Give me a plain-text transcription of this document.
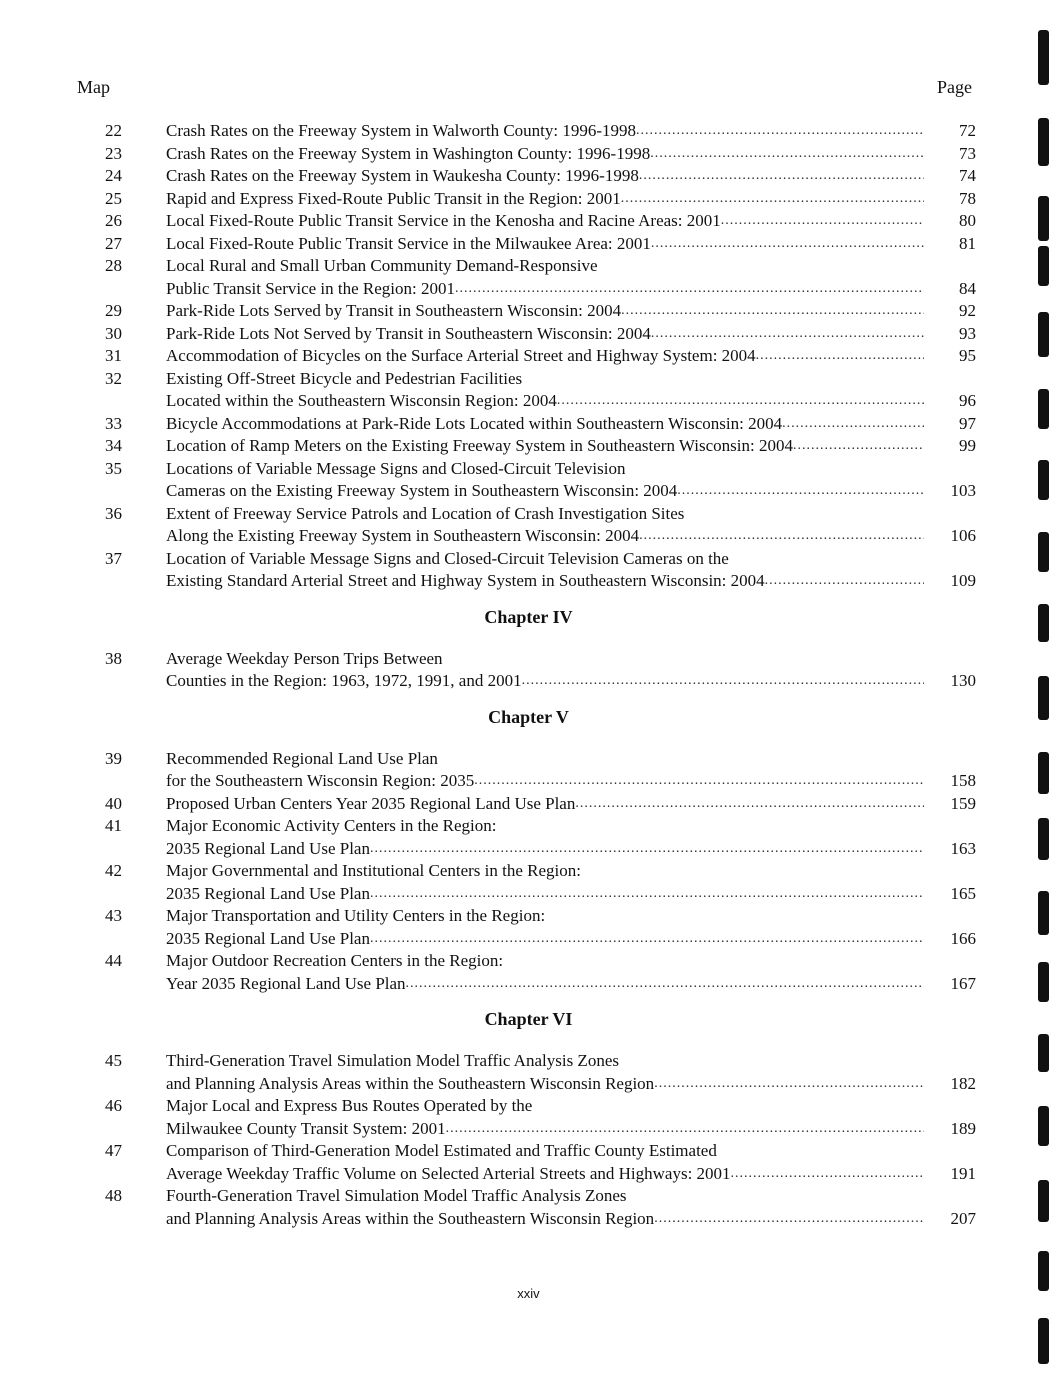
Map	Page
22	Crash Rates on the Freeway System in Walworth County: 1996-1998 .....	72
23	Crash Rates on the Freeway System in Washington County: 1996-1998 .....	73
24	Crash Rates on the Freeway System in Waukesha County: 1996-1998 .....	74
25	Rapid and Express Fixed-Route Public Transit in the Region: 2001 .....	78
26	Local Fixed-Route Public Transit Service in the Kenosha and Racine Areas: 2001 .....	80
27	Local Fixed-Route Public Transit Service in the Milwaukee Area: 2001 .....	81
28	Local Rural and Small Urban Community Demand-Responsive
Public Transit Service in the Region: 2001 .....	84
29	Park-Ride Lots Served by Transit in Southeastern Wisconsin: 2004 .....	92
30	Park-Ride Lots Not Served by Transit in Southeastern Wisconsin: 2004 .....	93
31	Accommodation of Bicycles on the Surface Arterial Street and Highway System: 2004 .....	95
32	Existing Off-Street Bicycle and Pedestrian Facilities
Located within the Southeastern Wisconsin Region: 2004 .....	96
33	Bicycle Accommodations at Park-Ride Lots Located within Southeastern Wisconsin: 2004 .....	97
34	Location of Ramp Meters on the Existing Freeway System in Southeastern Wisconsin: 2004 .....	99
35	Locations of Variable Message Signs and Closed-Circuit Television
Cameras on the Existing Freeway System in Southeastern Wisconsin: 2004 .....	103
36	Extent of Freeway Service Patrols and Location of Crash Investigation Sites
Along the Existing Freeway System in Southeastern Wisconsin: 2004 .....	106
37	Location of Variable Message Signs and Closed-Circuit Television Cameras on the
Existing Standard Arterial Street and Highway System in Southeastern Wisconsin: 2004 .....	109
Chapter IV
38	Average Weekday Person Trips Between
Counties in the Region: 1963, 1972, 1991, and 2001 .....	130
Chapter V
39	Recommended Regional Land Use Plan
for the Southeastern Wisconsin Region: 2035 .....	158
40	Proposed Urban Centers Year 2035 Regional Land Use Plan .....	159
41	Major Economic Activity Centers in the Region:
2035 Regional Land Use Plan .....	163
42	Major Governmental and Institutional Centers in the Region:
2035 Regional Land Use Plan .....	165
43	Major Transportation and Utility Centers in the Region:
2035 Regional Land Use Plan .....	166
44	Major Outdoor Recreation Centers in the Region:
Year 2035 Regional Land Use Plan .....	167
Chapter VI
45	Third-Generation Travel Simulation Model Traffic Analysis Zones
and Planning Analysis Areas within the Southeastern Wisconsin Region .....	182
46	Major Local and Express Bus Routes Operated by the
Milwaukee County Transit System: 2001 .....	189
47	Comparison of Third-Generation Model Estimated and Traffic County Estimated
Average Weekday Traffic Volume on Selected Arterial Streets and Highways: 2001 .....	191
48	Fourth-Generation Travel Simulation Model Traffic Analysis Zones
and Planning Analysis Areas within the Southeastern Wisconsin Region .....	207
xxiv
